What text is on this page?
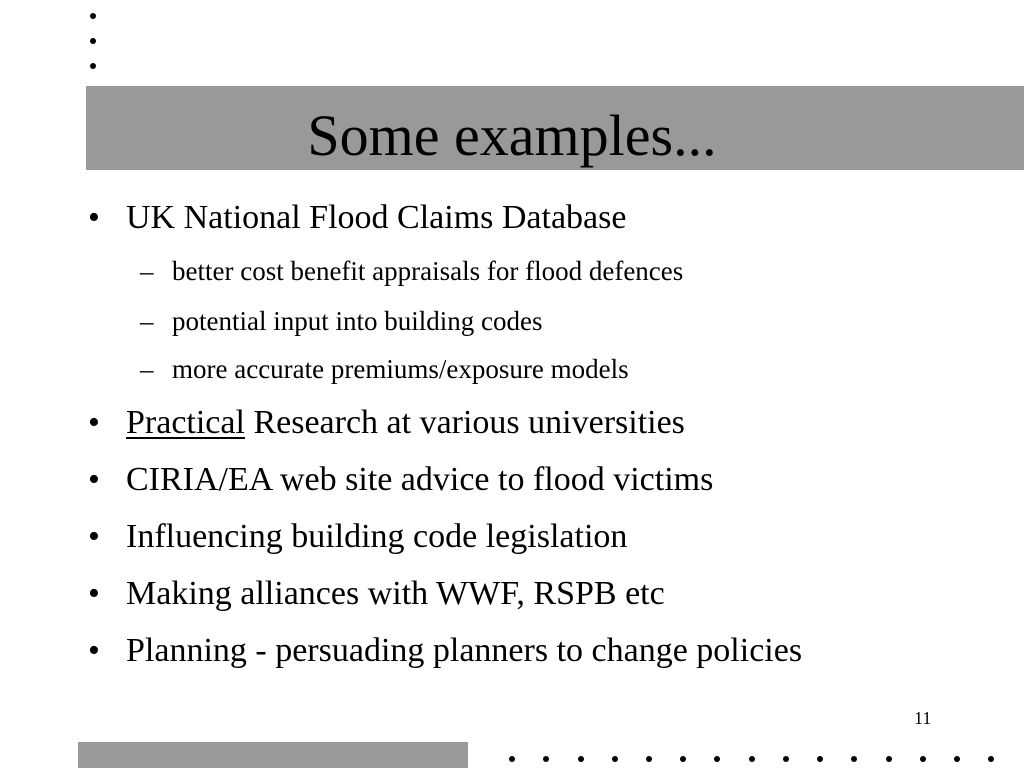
Some examples...
• UK National Flood Claims Database
– better cost benefit appraisals for flood defences
– potential input into building codes
– more accurate premiums/exposure models
• Practical Research at various universities
• CIRIA/EA web site advice to flood victims
• Influencing building code legislation
• Making alliances with WWF, RSPB etc
• Planning - persuading planners to change policies
11
